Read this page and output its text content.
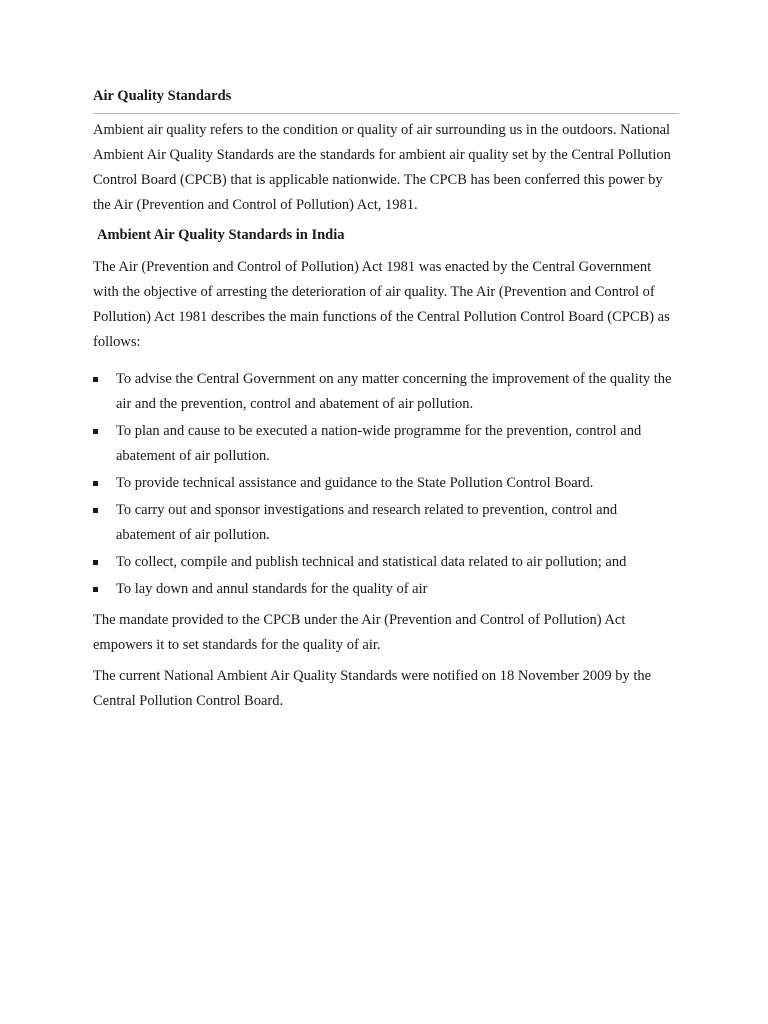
Air Quality Standards

Ambient air quality refers to the condition or quality of air surrounding us in the outdoors. National Ambient Air Quality Standards are the standards for ambient air quality set by the Central Pollution Control Board (CPCB) that is applicable nationwide. The CPCB has been conferred this power by the Air (Prevention and Control of Pollution) Act, 1981.

Ambient Air Quality Standards in India

The Air (Prevention and Control of Pollution) Act 1981 was enacted by the Central Government with the objective of arresting the deterioration of air quality. The Air (Prevention and Control of Pollution) Act 1981 describes the main functions of the Central Pollution Control Board (CPCB) as follows:

To advise the Central Government on any matter concerning the improvement of the quality the air and the prevention, control and abatement of air pollution.
To plan and cause to be executed a nation-wide programme for the prevention, control and abatement of air pollution.
To provide technical assistance and guidance to the State Pollution Control Board.
To carry out and sponsor investigations and research related to prevention, control and abatement of air pollution.
To collect, compile and publish technical and statistical data related to air pollution; and
To lay down and annul standards for the quality of air

The mandate provided to the CPCB under the Air (Prevention and Control of Pollution) Act empowers it to set standards for the quality of air.

The current National Ambient Air Quality Standards were notified on 18 November 2009 by the Central Pollution Control Board.
